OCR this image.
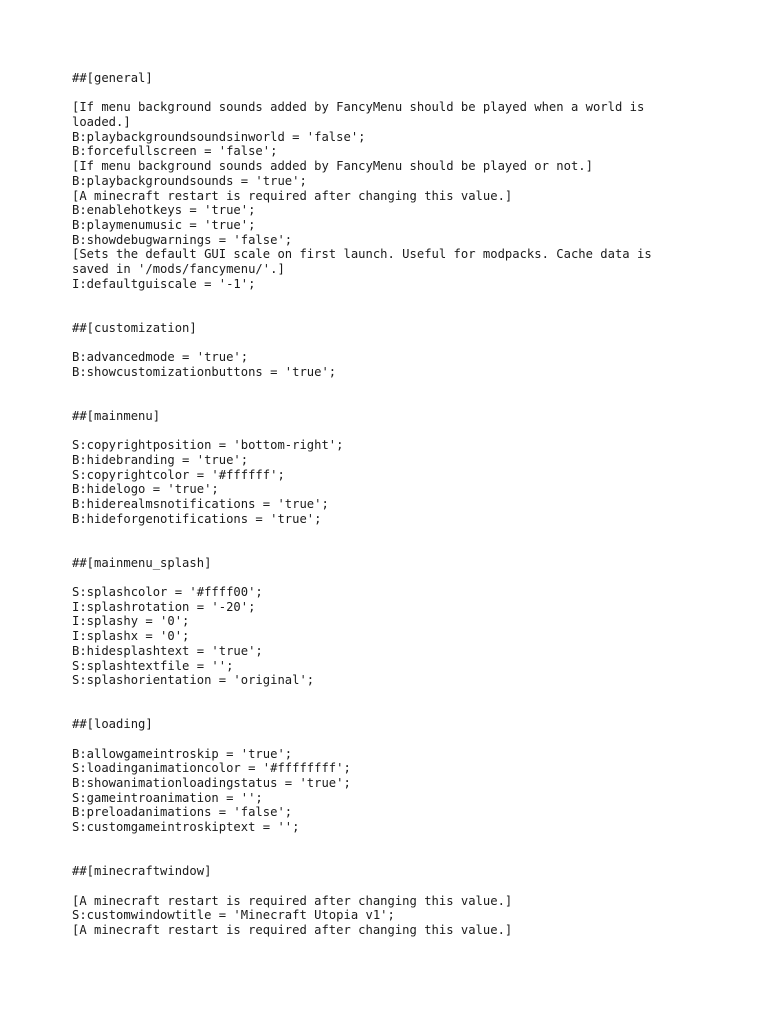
##[general]
[If menu background sounds added by FancyMenu should be played when a world is
loaded.]
B:playbackgroundsoundsinworld = 'false';
B:forcefullscreen = 'false';
[If menu background sounds added by FancyMenu should be played or not.]
B:playbackgroundsounds = 'true';
[A minecraft restart is required after changing this value.]
B:enablehotkeys = 'true';
B:playmenumusic = 'true';
B:showdebugwarnings = 'false';
[Sets the default GUI scale on first launch. Useful for modpacks. Cache data is
saved in '/mods/fancymenu/'.]
I:defaultguiscale = '-1';
##[customization]
B:advancedmode = 'true';
B:showcustomizationbuttons = 'true';
##[mainmenu]
S:copyrightposition = 'bottom-right';
B:hidebranding = 'true';
S:copyrightcolor = '#ffffff';
B:hidelogo = 'true';
B:hiderealmsnotifications = 'true';
B:hideforgenotifications = 'true';
##[mainmenu_splash]
S:splashcolor = '#ffff00';
I:splashrotation = '-20';
I:splashy = '0';
I:splashx = '0';
B:hidesplashtext = 'true';
S:splashtextfile = '';
S:splashorientation = 'original';
##[loading]
B:allowgameintroskip = 'true';
S:loadinganimationcolor = '#ffffffff';
B:showanimationloadingstatus = 'true';
S:gameintroanimation = '';
B:preloadanimations = 'false';
S:customgameintroskiptext = '';
##[minecraftwindow]
[A minecraft restart is required after changing this value.]
S:customwindowtitle = 'Minecraft Utopia v1';
[A minecraft restart is required after changing this value.]
